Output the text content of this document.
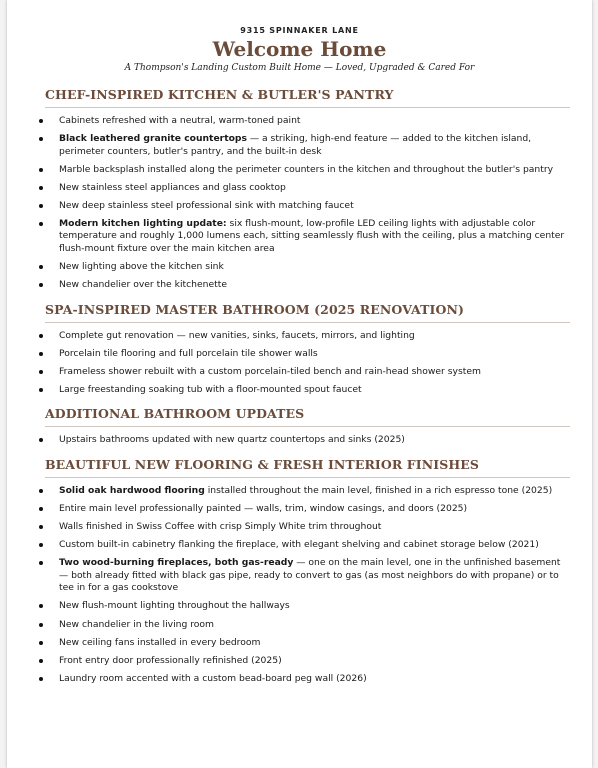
9315 SPINNAKER LANE
Welcome Home
A Thompson's Landing Custom Built Home — Loved, Upgraded & Cared For
CHEF-INSPIRED KITCHEN & BUTLER'S PANTRY
Cabinets refreshed with a neutral, warm-toned paint
Black leathered granite countertops — a striking, high-end feature — added to the kitchen island, perimeter counters, butler's pantry, and the built-in desk
Marble backsplash installed along the perimeter counters in the kitchen and throughout the butler's pantry
New stainless steel appliances and glass cooktop
New deep stainless steel professional sink with matching faucet
Modern kitchen lighting update: six flush-mount, low-profile LED ceiling lights with adjustable color temperature and roughly 1,000 lumens each, sitting seamlessly flush with the ceiling, plus a matching center flush-mount fixture over the main kitchen area
New lighting above the kitchen sink
New chandelier over the kitchenette
SPA-INSPIRED MASTER BATHROOM (2025 RENOVATION)
Complete gut renovation — new vanities, sinks, faucets, mirrors, and lighting
Porcelain tile flooring and full porcelain tile shower walls
Frameless shower rebuilt with a custom porcelain-tiled bench and rain-head shower system
Large freestanding soaking tub with a floor-mounted spout faucet
ADDITIONAL BATHROOM UPDATES
Upstairs bathrooms updated with new quartz countertops and sinks (2025)
BEAUTIFUL NEW FLOORING & FRESH INTERIOR FINISHES
Solid oak hardwood flooring installed throughout the main level, finished in a rich espresso tone (2025)
Entire main level professionally painted — walls, trim, window casings, and doors (2025)
Walls finished in Swiss Coffee with crisp Simply White trim throughout
Custom built-in cabinetry flanking the fireplace, with elegant shelving and cabinet storage below (2021)
Two wood-burning fireplaces, both gas-ready — one on the main level, one in the unfinished basement — both already fitted with black gas pipe, ready to convert to gas (as most neighbors do with propane) or to tee in for a gas cookstove
New flush-mount lighting throughout the hallways
New chandelier in the living room
New ceiling fans installed in every bedroom
Front entry door professionally refinished (2025)
Laundry room accented with a custom bead-board peg wall (2026)
